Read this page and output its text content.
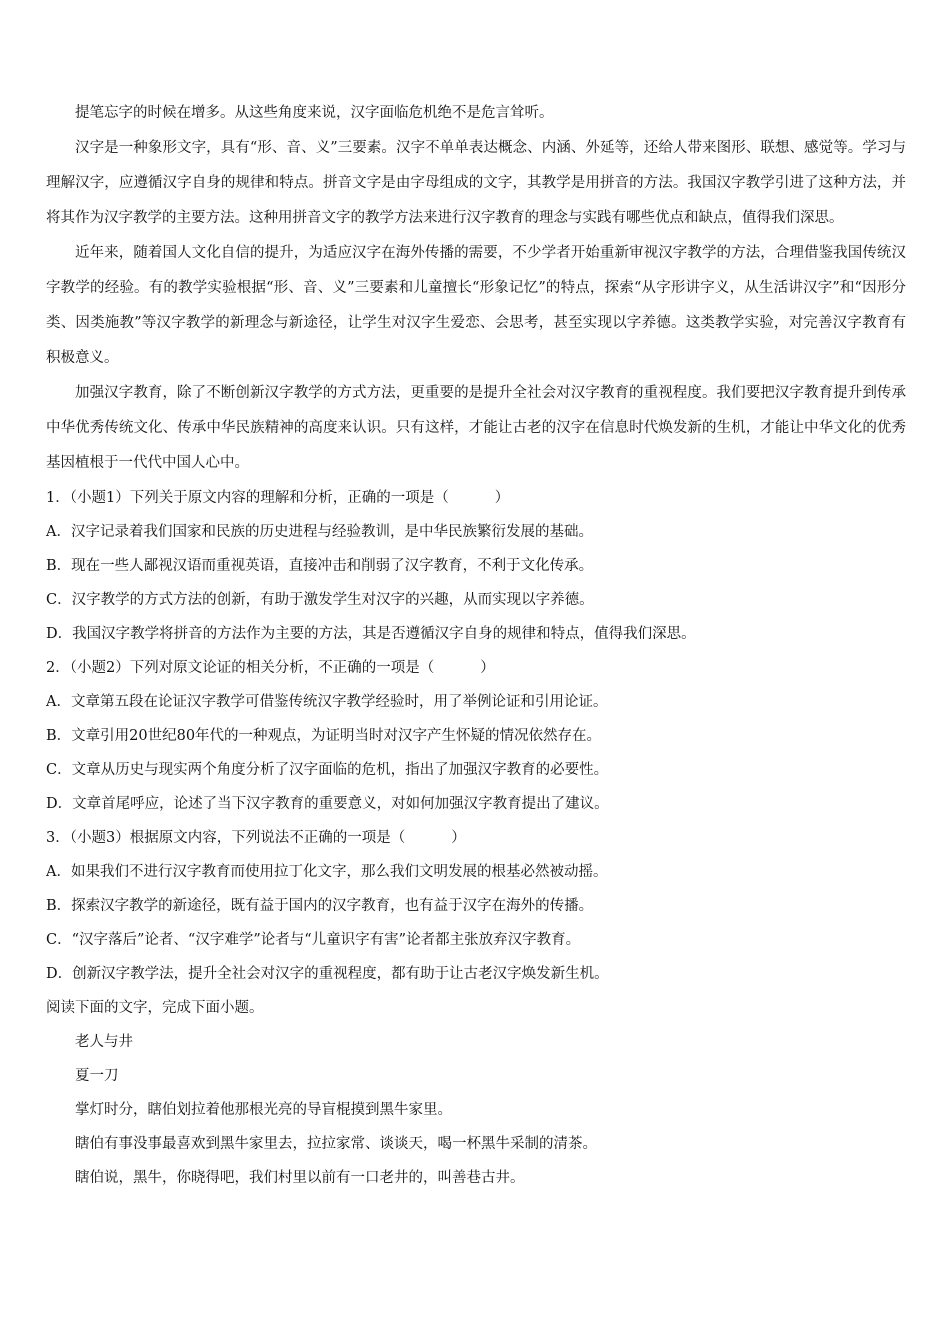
提笔忘字的时候在增多。从这些角度来说，汉字面临危机绝不是危言耸听。

汉字是一种象形文字，具有“形、音、义”三要素。汉字不单单表达概念、内涵、外延等，还给人带来图形、联想、感觉等。学习与理解汉字，应遵循汉字自身的规律和特点。拼音文字是由字母组成的文字，其教学是用拼音的方法。我国汉字教学引进了这种方法，并将其作为汉字教学的主要方法。这种用拼音文字的教学方法来进行汉字教育的理念与实践有哪些优点和缺点，值得我们深思。

近年来，随着国人文化自信的提升，为适应汉字在海外传播的需要，不少学者开始重新审视汉字教学的方法，合理借鉴我国传统汉字教学的经验。有的教学实验根据“形、音、义”三要素和儿童擅长“形象记忆”的特点，探索“从字形讲字义，从生活讲汉字”和“因形分类、因类施教”等汉字教学的新理念与新途径，让学生对汉字生爱恋、会思考，甚至实现以字养德。这类教学实验，对完善汉字教育有积极意义。

加强汉字教育，除了不断创新汉字教学的方式方法，更重要的是提升全社会对汉字教育的重视程度。我们要把汉字教育提升到传承中华优秀传统文化、传承中华民族精神的高度来认识。只有这样，才能让古老的汉字在信息时代焕发新的生机，才能让中华文化的优秀基因植根于一代代中国人心中。

1．（小题1）下列关于原文内容的理解和分析，正确的一项是（	）

A．汉字记录着我们国家和民族的历史进程与经验教训，是中华民族繁衍发展的基础。

B．现在一些人鄙视汉语而重视英语，直接冲击和削弱了汉字教育，不利于文化传承。

C．汉字教学的方式方法的创新，有助于激发学生对汉字的兴趣，从而实现以字养德。

D．我国汉字教学将拼音的方法作为主要的方法，其是否遵循汉字自身的规律和特点，值得我们深思。

2．（小题2）下列对原文论证的相关分析，不正确的一项是（	）

A．文章第五段在论证汉字教学可借鉴传统汉字教学经验时，用了举例论证和引用论证。

B．文章引用20世纪80年代的一种观点，为证明当时对汉字产生怀疑的情况依然存在。

C．文章从历史与现实两个角度分析了汉字面临的危机，指出了加强汉字教育的必要性。

D．文章首尾呼应，论述了当下汉字教育的重要意义，对如何加强汉字教育提出了建议。

3．（小题3）根据原文内容，下列说法不正确的一项是（	）

A．如果我们不进行汉字教育而使用拉丁化文字，那么我们文明发展的根基必然被动摇。

B．探索汉字教学的新途径，既有益于国内的汉字教育，也有益于汉字在海外的传播。

C．“汉字落后”论者、“汉字难学”论者与“儿童识字有害”论者都主张放弃汉字教育。

D．创新汉字教学法，提升全社会对汉字的重视程度，都有助于让古老汉字焕发新生机。

阅读下面的文字，完成下面小题。

老人与井

夏一刀

掌灯时分，瞎伯划拉着他那根光亮的导盲棍摸到黑牛家里。

瞎伯有事没事最喜欢到黑牛家里去，拉拉家常、谈谈天，喝一杯黑牛采制的清茶。

瞎伯说，黑牛，你晓得吧，我们村里以前有一口老井的，叫善巷古井。
